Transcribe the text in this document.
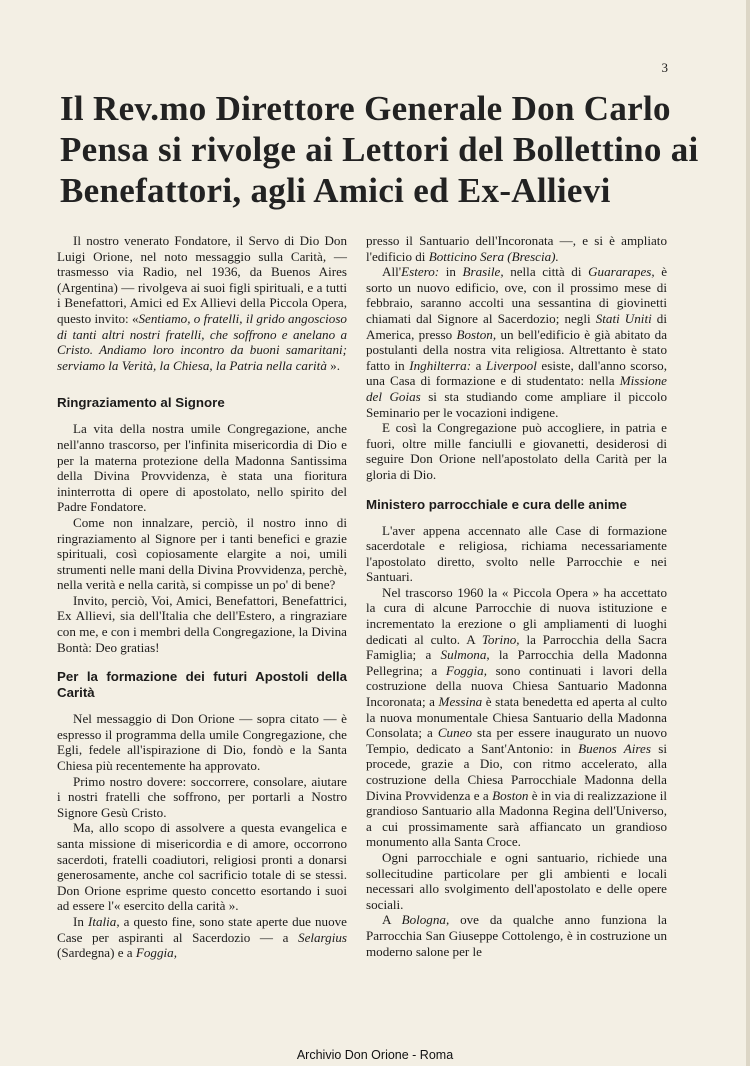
3
Il Rev.mo Direttore Generale Don Carlo Pensa si rivolge ai Lettori del Bollettino ai Benefattori, agli Amici ed Ex-Allievi

Il nostro venerato Fondatore, il Servo di Dio Don Luigi Orione, nel noto messaggio sulla Carità, — trasmesso via Radio, nel 1936, da Buenos Aires (Argentina) — rivolgeva ai suoi figli spirituali, e a tutti i Benefattori, Amici ed Ex Allievi della Piccola Opera, questo invito: «Sentiamo, o fratelli, il grido angoscioso di tanti altri nostri fratelli, che soffrono e anelano a Cristo. Andiamo loro incontro da buoni samaritani; serviamo la Verità, la Chiesa, la Patria nella carità ».

Ringraziamento al Signore

La vita della nostra umile Congregazione, anche nell'anno trascorso, per l'infinita misericordia di Dio e per la materna protezione della Madonna Santissima della Divina Provvidenza, è stata una fioritura ininterrotta di opere di apostolato, nello spirito del Padre Fondatore.

Come non innalzare, perciò, il nostro inno di ringraziamento al Signore per i tanti benefici e grazie spirituali, così copiosamente elargite a noi, umili strumenti nelle mani della Divina Provvidenza, perchè, nella verità e nella carità, si compisse un po' di bene?

Invito, perciò, Voi, Amici, Benefattori, Benefattrici, Ex Allievi, sia dell'Italia che dell'Estero, a ringraziare con me, e con i membri della Congregazione, la Divina Bontà: Deo gratias!

Per la formazione dei futuri Apostoli della Carità

Nel messaggio di Don Orione — sopra citato — è espresso il programma della umile Congregazione, che Egli, fedele all'ispirazione di Dio, fondò e la Santa Chiesa più recentemente ha approvato.

Primo nostro dovere: soccorrere, consolare, aiutare i nostri fratelli che soffrono, per portarli a Nostro Signore Gesù Cristo.

Ma, allo scopo di assolvere a questa evangelica e santa missione di misericordia e di amore, occorrono sacerdoti, fratelli coadiutori, religiosi pronti a donarsi generosamente, anche col sacrificio totale di se stessi. Don Orione esprime questo concetto esortando i suoi ad essere l'« esercito della carità ».

In Italia, a questo fine, sono state aperte due nuove Case per aspiranti al Sacerdozio — a Selargius (Sardegna) e a Foggia,

presso il Santuario dell'Incoronata —, e si è ampliato l'edificio di Botticino Sera (Brescia).

All'Estero: in Brasile, nella città di Guararapes, è sorto un nuovo edificio, ove, con il prossimo mese di febbraio, saranno accolti una sessantina di giovinetti chiamati dal Signore al Sacerdozio; negli Stati Uniti di America, presso Boston, un bell'edificio è già abitato da postulanti della nostra vita religiosa. Altrettanto è stato fatto in Inghilterra: a Liverpool esiste, dall'anno scorso, una Casa di formazione e di studentato: nella Missione del Goias si sta studiando come ampliare il piccolo Seminario per le vocazioni indigene.

E così la Congregazione può accogliere, in patria e fuori, oltre mille fanciulli e giovanetti, desiderosi di seguire Don Orione nell'apostolato della Carità per la gloria di Dio.

Ministero parrocchiale e cura delle anime

L'aver appena accennato alle Case di formazione sacerdotale e religiosa, richiama necessariamente l'apostolato diretto, svolto nelle Parrocchie e nei Santuari.

Nel trascorso 1960 la « Piccola Opera » ha accettato la cura di alcune Parrocchie di nuova istituzione e incrementato la erezione o gli ampliamenti di luoghi dedicati al culto. A Torino, la Parrocchia della Sacra Famiglia; a Sulmona, la Parrocchia della Madonna Pellegrina; a Foggia, sono continuati i lavori della costruzione della nuova Chiesa Santuario Madonna Incoronata; a Messina è stata benedetta ed aperta al culto la nuova monumentale Chiesa Santuario della Madonna Consolata; a Cuneo sta per essere inaugurato un nuovo Tempio, dedicato a Sant'Antonio: in Buenos Aires si procede, grazie a Dio, con ritmo accelerato, alla costruzione della Chiesa Parrocchiale Madonna della Divina Provvidenza e a Boston è in via di realizzazione il grandioso Santuario alla Madonna Regina dell'Universo, a cui prossimamente sarà affiancato un grandioso monumento alla Santa Croce.

Ogni parrocchiale e ogni santuario, richiede una sollecitudine particolare per gli ambienti e locali necessari allo svolgimento dell'apostolato e delle opere sociali.

A Bologna, ove da qualche anno funziona la Parrocchia San Giuseppe Cottolengo, è in costruzione un moderno salone per le

Archivio Don Orione - Roma
